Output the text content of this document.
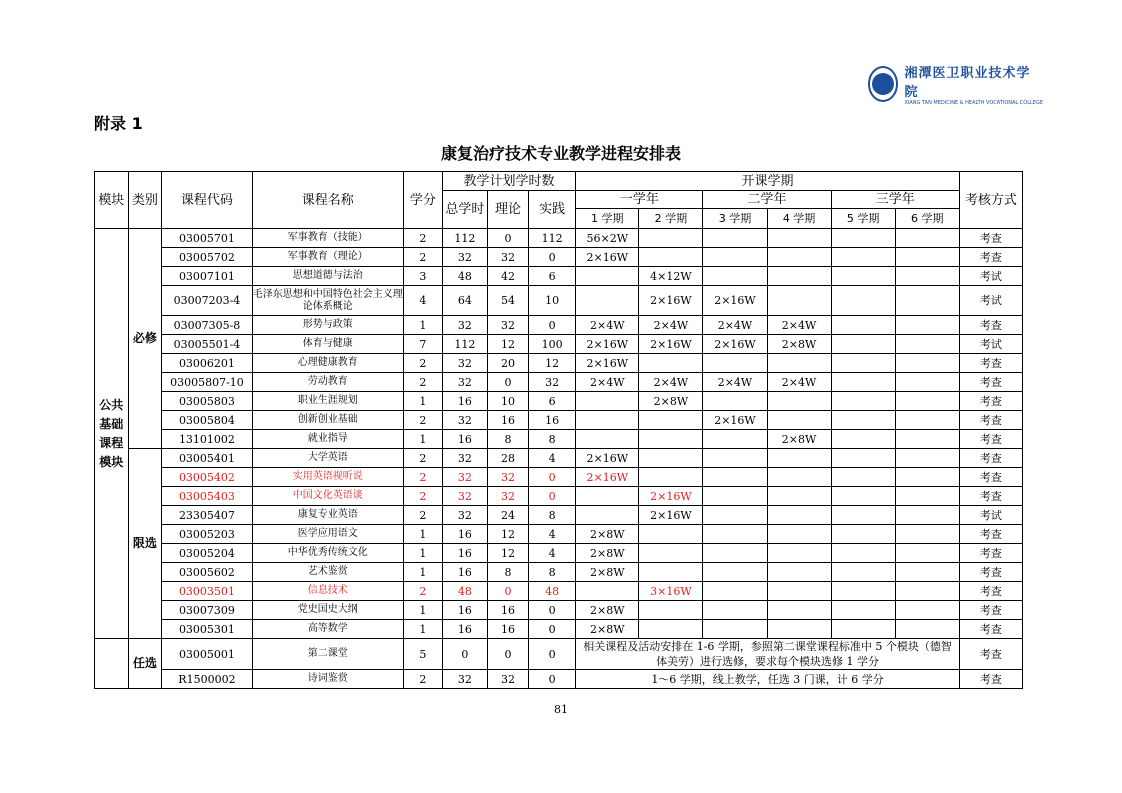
湘潭医卫职业技术学院
XIANG TAN MEDICINE & HEALTH VOCATIONAL COLLEGE
附录 1
康复治疗技术专业教学进程安排表
模块	类别	课程代码	课程名称	学分	教学计划学时数			开课学期						考核方式
					总学时	理论	实践	一学年		二学年		三学年		
								1 学期	2 学期	3 学期	4 学期	5 学期	6 学期	
公共基础课程模块	必修	03005701	军事教育（技能）	2	112	0	112	56×2W						考查
		03005702	军事教育（理论）	2	32	32	0	2×16W						考查
		03007101	思想道德与法治	3	48	42	6		4×12W					考试
		03007203-4	毛泽东思想和中国特色社会主义理论体系概论	4	64	54	10		2×16W	2×16W				考试
		03007305-8	形势与政策	1	32	32	0	2×4W	2×4W	2×4W	2×4W			考查
		03005501-4	体育与健康	7	112	12	100	2×16W	2×16W	2×16W	2×8W			考试
		03006201	心理健康教育	2	32	20	12	2×16W						考查
		03005807-10	劳动教育	2	32	0	32	2×4W	2×4W	2×4W	2×4W			考查
		03005803	职业生涯规划	1	16	10	6		2×8W					考查
		03005804	创新创业基础	2	32	16	16			2×16W				考查
		13101002	就业指导	1	16	8	8				2×8W			考查
	限选	03005401	大学英语	2	32	28	4	2×16W						考查
		03005402	实用英语视听说	2	32	32	0	2×16W						考查
		03005403	中国文化英语谈	2	32	32	0		2×16W					考查
		23305407	康复专业英语	2	32	24	8		2×16W					考试
		03005203	医学应用语文	1	16	12	4	2×8W						考查
		03005204	中华优秀传统文化	1	16	12	4	2×8W						考查
		03005602	艺术鉴赏	1	16	8	8	2×8W						考查
		03003501	信息技术	2	48	0	48		3×16W					考查
		03007309	党史国史大纲	1	16	16	0	2×8W						考查
		03005301	高等数学	1	16	16	0	2×8W						考查
	任选	03005001	第二课堂	5	0	0	0	相关课程及活动安排在 1-6 学期，参照第二课堂课程标准中 5 个模块（德智体美劳）进行选修，要求每个模块选修 1 学分						考查
		R1500002	诗词鉴赏	2	32	32	0	1～6 学期，线上教学，任选 3 门课，计 6 学分						考查
81
